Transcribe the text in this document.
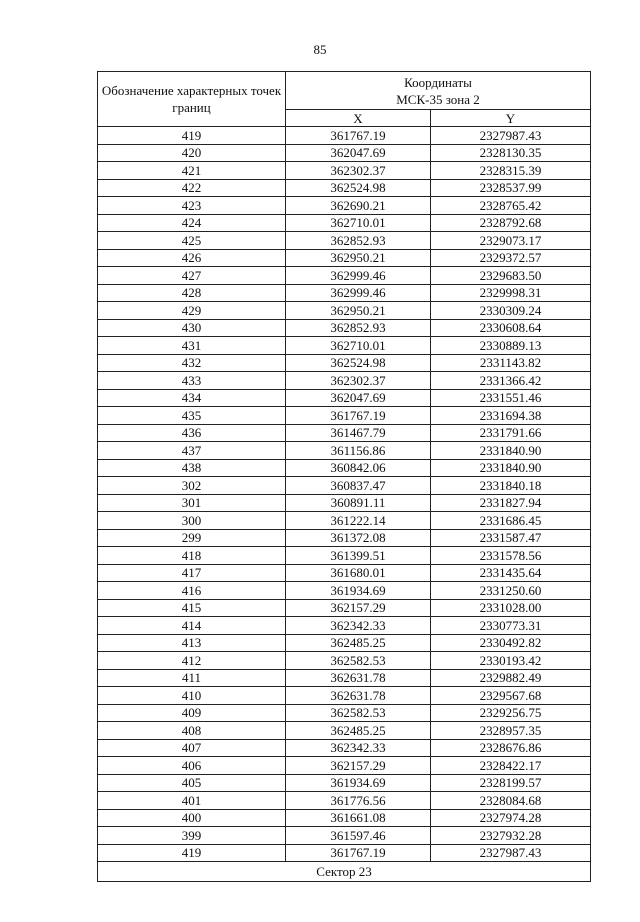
85
Обозначение характерных точек границ	Координаты
МСК-35 зона 2	
	X	Y
419	361767.19	2327987.43
420	362047.69	2328130.35
421	362302.37	2328315.39
422	362524.98	2328537.99
423	362690.21	2328765.42
424	362710.01	2328792.68
425	362852.93	2329073.17
426	362950.21	2329372.57
427	362999.46	2329683.50
428	362999.46	2329998.31
429	362950.21	2330309.24
430	362852.93	2330608.64
431	362710.01	2330889.13
432	362524.98	2331143.82
433	362302.37	2331366.42
434	362047.69	2331551.46
435	361767.19	2331694.38
436	361467.79	2331791.66
437	361156.86	2331840.90
438	360842.06	2331840.90
302	360837.47	2331840.18
301	360891.11	2331827.94
300	361222.14	2331686.45
299	361372.08	2331587.47
418	361399.51	2331578.56
417	361680.01	2331435.64
416	361934.69	2331250.60
415	362157.29	2331028.00
414	362342.33	2330773.31
413	362485.25	2330492.82
412	362582.53	2330193.42
411	362631.78	2329882.49
410	362631.78	2329567.68
409	362582.53	2329256.75
408	362485.25	2328957.35
407	362342.33	2328676.86
406	362157.29	2328422.17
405	361934.69	2328199.57
401	361776.56	2328084.68
400	361661.08	2327974.28
399	361597.46	2327932.28
419	361767.19	2327987.43
Сектор 23		
